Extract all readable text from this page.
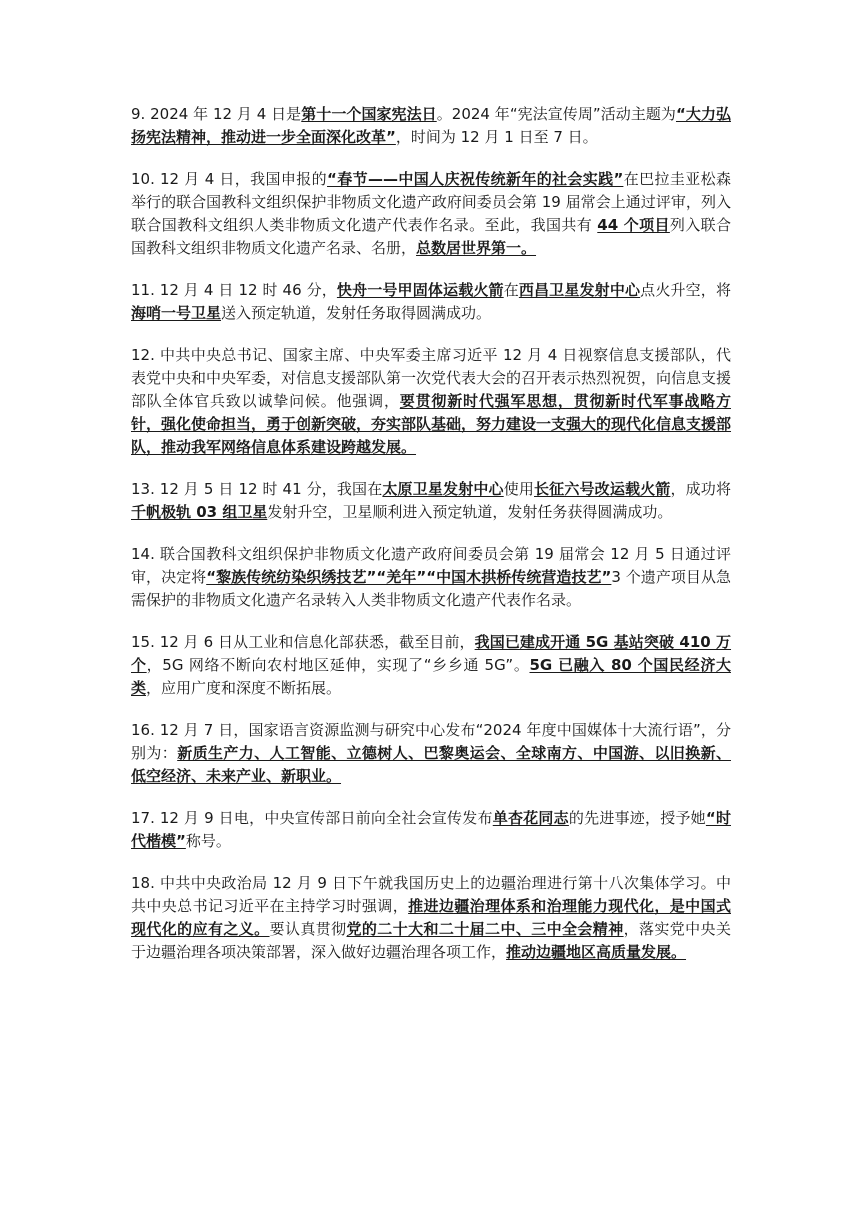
9. 2024 年 12 月 4 日是第十一个国家宪法日。2024 年“宪法宣传周”活动主题为“大力弘扬宪法精神，推动进一步全面深化改革”，时间为 12 月 1 日至 7 日。

10. 12 月 4 日，我国申报的“春节——中国人庆祝传统新年的社会实践”在巴拉圭亚松森举行的联合国教科文组织保护非物质文化遗产政府间委员会第 19 届常会上通过评审，列入联合国教科文组织人类非物质文化遗产代表作名录。至此，我国共有 44 个项目列入联合国教科文组织非物质文化遗产名录、名册，总数居世界第一。

11. 12 月 4 日 12 时 46 分，快舟一号甲固体运载火箭在西昌卫星发射中心点火升空，将海哨一号卫星送入预定轨道，发射任务取得圆满成功。

12. 中共中央总书记、国家主席、中央军委主席习近平 12 月 4 日视察信息支援部队，代表党中央和中央军委，对信息支援部队第一次党代表大会的召开表示热烈祝贺，向信息支援部队全体官兵致以诚挚问候。他强调，要贯彻新时代强军思想，贯彻新时代军事战略方针，强化使命担当，勇于创新突破，夯实部队基础，努力建设一支强大的现代化信息支援部队，推动我军网络信息体系建设跨越发展。

13. 12 月 5 日 12 时 41 分，我国在太原卫星发射中心使用长征六号改运载火箭，成功将千帆极轨 03 组卫星发射升空，卫星顺利进入预定轨道，发射任务获得圆满成功。

14. 联合国教科文组织保护非物质文化遗产政府间委员会第 19 届常会 12 月 5 日通过评审，决定将“黎族传统纺染织绣技艺”“羌年”“中国木拱桥传统营造技艺”3 个遗产项目从急需保护的非物质文化遗产名录转入人类非物质文化遗产代表作名录。

15. 12 月 6 日从工业和信息化部获悉，截至目前，我国已建成开通 5G 基站突破 410 万个，5G 网络不断向农村地区延伸，实现了“乡乡通 5G”。5G 已融入 80 个国民经济大类，应用广度和深度不断拓展。

16. 12 月 7 日，国家语言资源监测与研究中心发布“2024 年度中国媒体十大流行语”，分别为：新质生产力、人工智能、立德树人、巴黎奥运会、全球南方、中国游、以旧换新、低空经济、未来产业、新职业。

17. 12 月 9 日电，中央宣传部日前向全社会宣传发布单杏花同志的先进事迹，授予她“时代楷模”称号。

18. 中共中央政治局 12 月 9 日下午就我国历史上的边疆治理进行第十八次集体学习。中共中央总书记习近平在主持学习时强调，推进边疆治理体系和治理能力现代化，是中国式现代化的应有之义。要认真贯彻党的二十大和二十届二中、三中全会精神，落实党中央关于边疆治理各项决策部署，深入做好边疆治理各项工作，推动边疆地区高质量发展。
